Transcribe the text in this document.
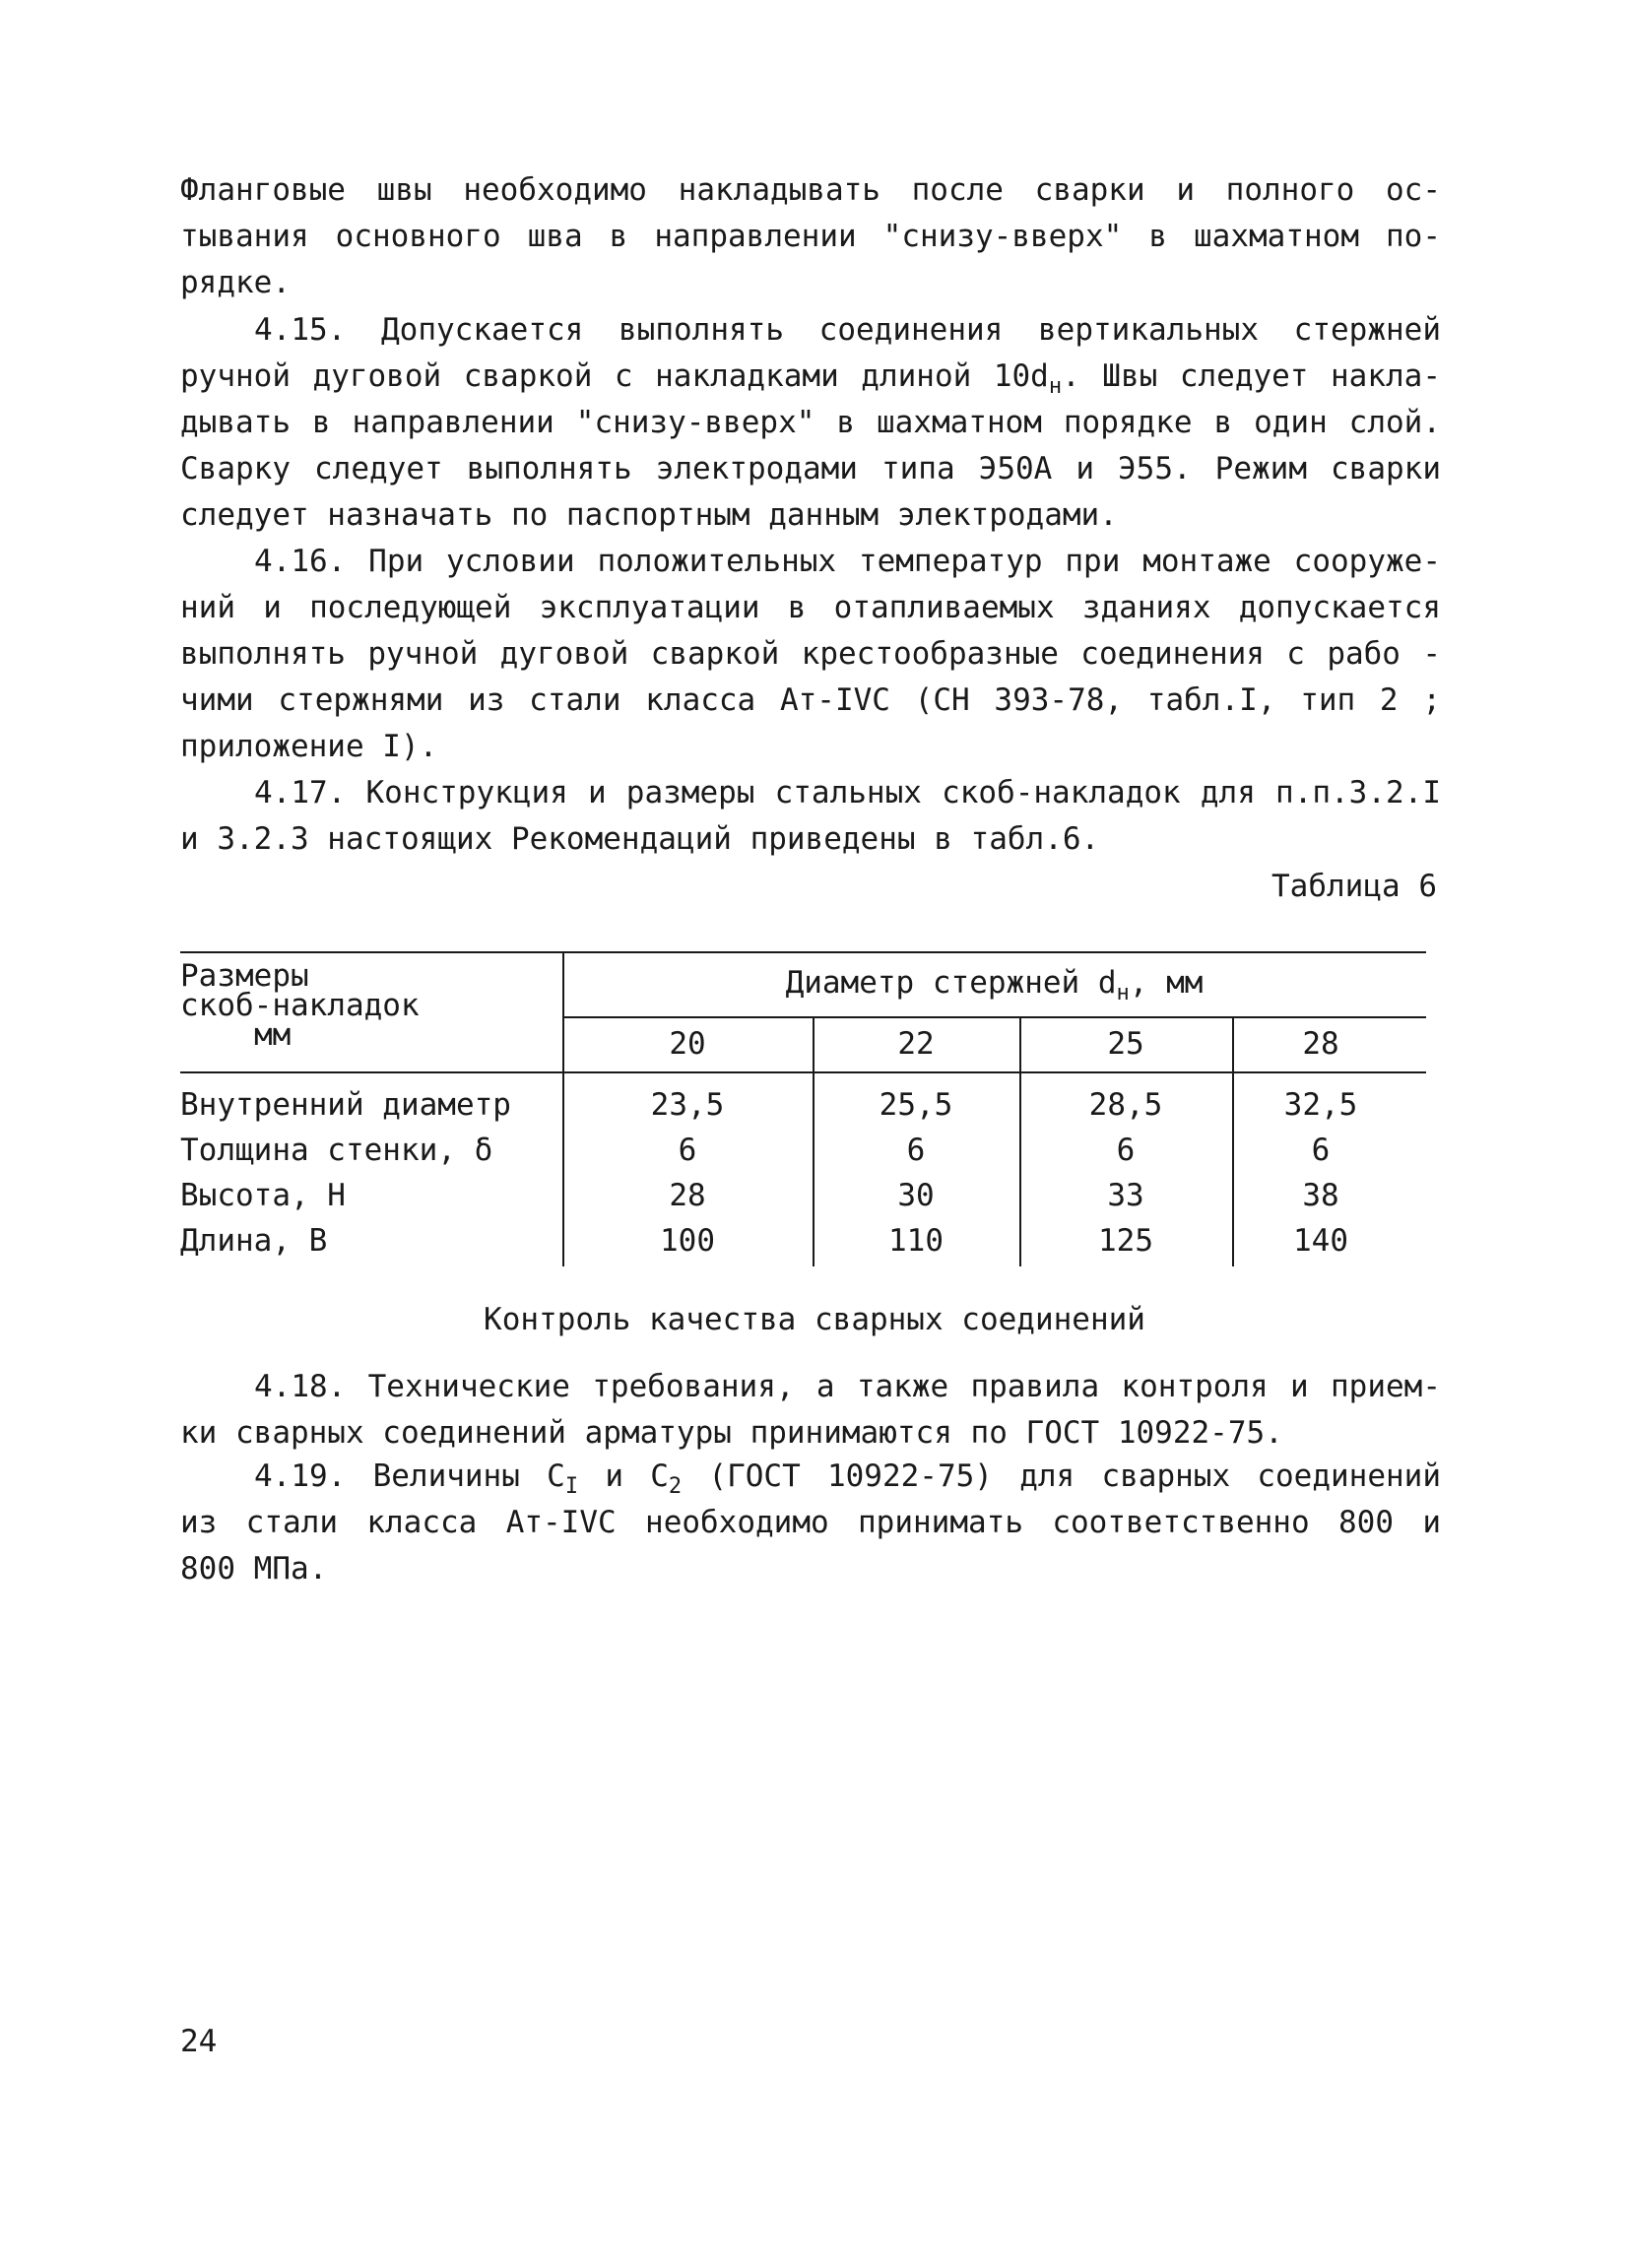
Фланговые швы необходимо накладывать после сварки и полного ос-
тывания основного шва в направлении "снизу-вверх" в шахматном по-
рядке.
4.15. Допускается выполнять соединения вертикальных стержней
ручной дуговой сваркой с накладками длиной $10d_н$. Швы следует накла-
дывать в направлении "снизу-вверх" в шахматном порядке в один слой.
Сварку следует выполнять электродами типа Э50А и Э55. Режим сварки
следует назначать по паспортным данным электродами.
4.16. При условии положительных температур при монтаже сооруже-
ний и последующей эксплуатации в отапливаемых зданиях допускается
выполнять ручной дуговой сваркой крестообразные соединения с рабо -
чими стержнями из стали класса Ат-IVC (СН 393-78, табл.I, тип 2 ;
приложение I).
4.17. Конструкция и размеры стальных скоб-накладок для п.п.3.2.I
и 3.2.3 настоящих Рекомендаций приведены в табл.6.
Таблица 6
Размеры
скоб-накладок
мм
Диаметр стержней $d_н$, мм
20	22	25	28
Внутренний диаметр	23,5	25,5	28,5	32,5
Толщина стенки, δ	6	6	6	6
Высота, Н	28	30	33	38
Длина, В	100	110	125	140
Контроль качества сварных соединений
4.18. Технические требования, а также правила контроля и прием-
ки сварных соединений арматуры принимаются по ГОСТ 10922-75.
4.19. Величины $С_I$ и $С_2$ (ГОСТ 10922-75) для сварных соединений
из стали класса Ат-IVC необходимо принимать соответственно 800 и
800 МПа.
24
